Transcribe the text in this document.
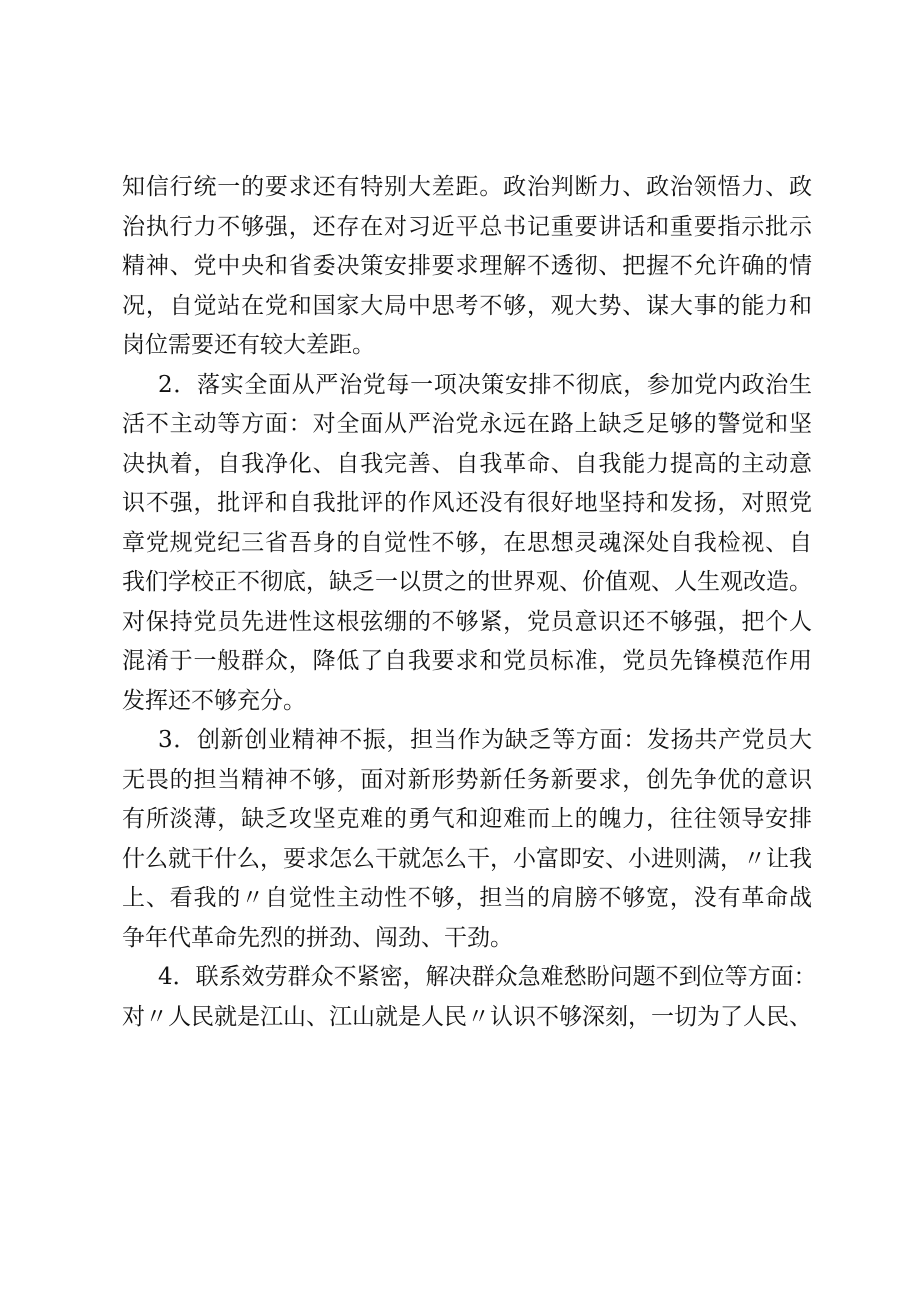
知信行统一的要求还有特别大差距。政治判断力、政治领悟力、政
治执行力不够强，还存在对习近平总书记重要讲话和重要指示批示
精神、党中央和省委决策安排要求理解不透彻、把握不允许确的情
况，自觉站在党和国家大局中思考不够，观大势、谋大事的能力和
岗位需要还有较大差距。
2．落实全面从严治党每一项决策安排不彻底，参加党内政治生
活不主动等方面：对全面从严治党永远在路上缺乏足够的警觉和坚
决执着，自我净化、自我完善、自我革命、自我能力提高的主动意
识不强，批评和自我批评的作风还没有很好地坚持和发扬，对照党
章党规党纪三省吾身的自觉性不够，在思想灵魂深处自我检视、自
我们学校正不彻底，缺乏一以贯之的世界观、价值观、人生观改造。
对保持党员先进性这根弦绷的不够紧，党员意识还不够强，把个人
混淆于一般群众，降低了自我要求和党员标准，党员先锋模范作用
发挥还不够充分。
3．创新创业精神不振，担当作为缺乏等方面：发扬共产党员大
无畏的担当精神不够，面对新形势新任务新要求，创先争优的意识
有所淡薄，缺乏攻坚克难的勇气和迎难而上的魄力，往往领导安排
什么就干什么，要求怎么干就怎么干，小富即安、小进则满，〃让我
上、看我的〃自觉性主动性不够，担当的肩膀不够宽，没有革命战
争年代革命先烈的拼劲、闯劲、干劲。
4．联系效劳群众不紧密，解决群众急难愁盼问题不到位等方面：
对〃人民就是江山、江山就是人民〃认识不够深刻，一切为了人民、
